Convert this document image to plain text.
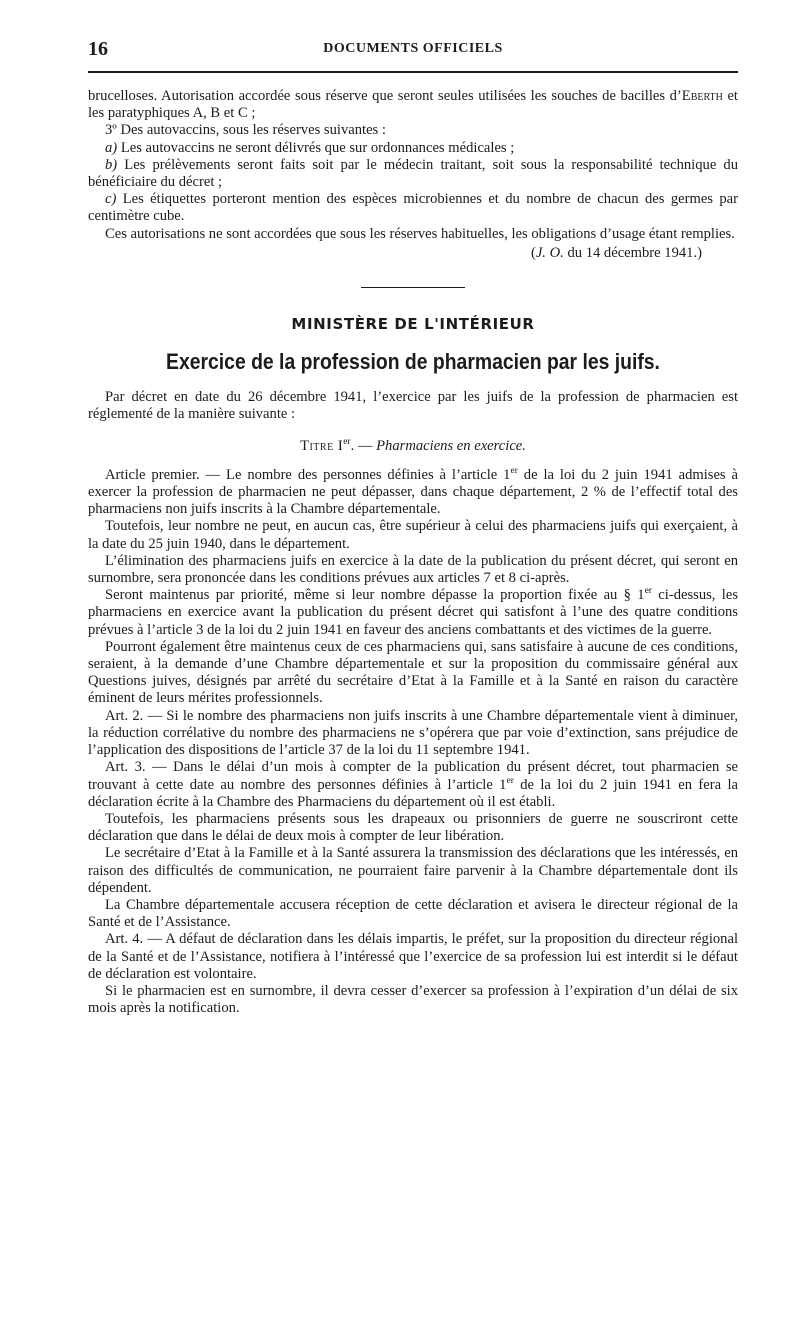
16	DOCUMENTS OFFICIELS

brucelloses. Autorisation accordée sous réserve que seront seules utilisées les souches de bacilles d’Eberth et les paratyphiques A, B et C ;

3º Des autovaccins, sous les réserves suivantes :

a) Les autovaccins ne seront délivrés que sur ordonnances médicales ;

b) Les prélèvements seront faits soit par le médecin traitant, soit sous la responsabilité technique du bénéficiaire du décret ;

c) Les étiquettes porteront mention des espèces microbiennes et du nombre de chacun des germes par centimètre cube.

Ces autorisations ne sont accordées que sous les réserves habituelles, les obligations d’usage étant remplies.

(J. O. du 14 décembre 1941.)

MINISTÈRE DE L'INTÉRIEUR

Exercice de la profession de pharmacien par les juifs.

Par décret en date du 26 décembre 1941, l’exercice par les juifs de la profession de pharmacien est réglementé de la manière suivante :

Titre Ier. — Pharmaciens en exercice.

Article premier. — Le nombre des personnes définies à l’article 1er de la loi du 2 juin 1941 admises à exercer la profession de pharmacien ne peut dépasser, dans chaque département, 2 % de l’effectif total des pharmaciens non juifs inscrits à la Chambre départementale.

Toutefois, leur nombre ne peut, en aucun cas, être supérieur à celui des pharmaciens juifs qui exerçaient, à la date du 25 juin 1940, dans le département.

L’élimination des pharmaciens juifs en exercice à la date de la publication du présent décret, qui seront en surnombre, sera prononcée dans les conditions prévues aux articles 7 et 8 ci-après.

Seront maintenus par priorité, même si leur nombre dépasse la proportion fixée au § 1er ci-dessus, les pharmaciens en exercice avant la publication du présent décret qui satisfont à l’une des quatre conditions prévues à l’article 3 de la loi du 2 juin 1941 en faveur des anciens combattants et des victimes de la guerre.

Pourront également être maintenus ceux de ces pharmaciens qui, sans satisfaire à aucune de ces conditions, seraient, à la demande d’une Chambre départementale et sur la proposition du commissaire général aux Questions juives, désignés par arrêté du secrétaire d’Etat à la Famille et à la Santé en raison du caractère éminent de leurs mérites professionnels.

Art. 2. — Si le nombre des pharmaciens non juifs inscrits à une Chambre départementale vient à diminuer, la réduction corrélative du nombre des pharmaciens ne s’opérera que par voie d’extinction, sans préjudice de l’application des dispositions de l’article 37 de la loi du 11 septembre 1941.

Art. 3. — Dans le délai d’un mois à compter de la publication du présent décret, tout pharmacien se trouvant à cette date au nombre des personnes définies à l’article 1er de la loi du 2 juin 1941 en fera la déclaration écrite à la Chambre des Pharmaciens du département où il est établi.

Toutefois, les pharmaciens présents sous les drapeaux ou prisonniers de guerre ne souscriront cette déclaration que dans le délai de deux mois à compter de leur libération.

Le secrétaire d’Etat à la Famille et à la Santé assurera la transmission des déclarations que les intéressés, en raison des difficultés de communication, ne pourraient faire parvenir à la Chambre départementale dont ils dépendent.

La Chambre départementale accusera réception de cette déclaration et avisera le directeur régional de la Santé et de l’Assistance.

Art. 4. — A défaut de déclaration dans les délais impartis, le préfet, sur la proposition du directeur régional de la Santé et de l’Assistance, notifiera à l’intéressé que l’exercice de sa profession lui est interdit si le défaut de déclaration est volontaire.

Si le pharmacien est en surnombre, il devra cesser d’exercer sa profession à l’expiration d’un délai de six mois après la notification.
